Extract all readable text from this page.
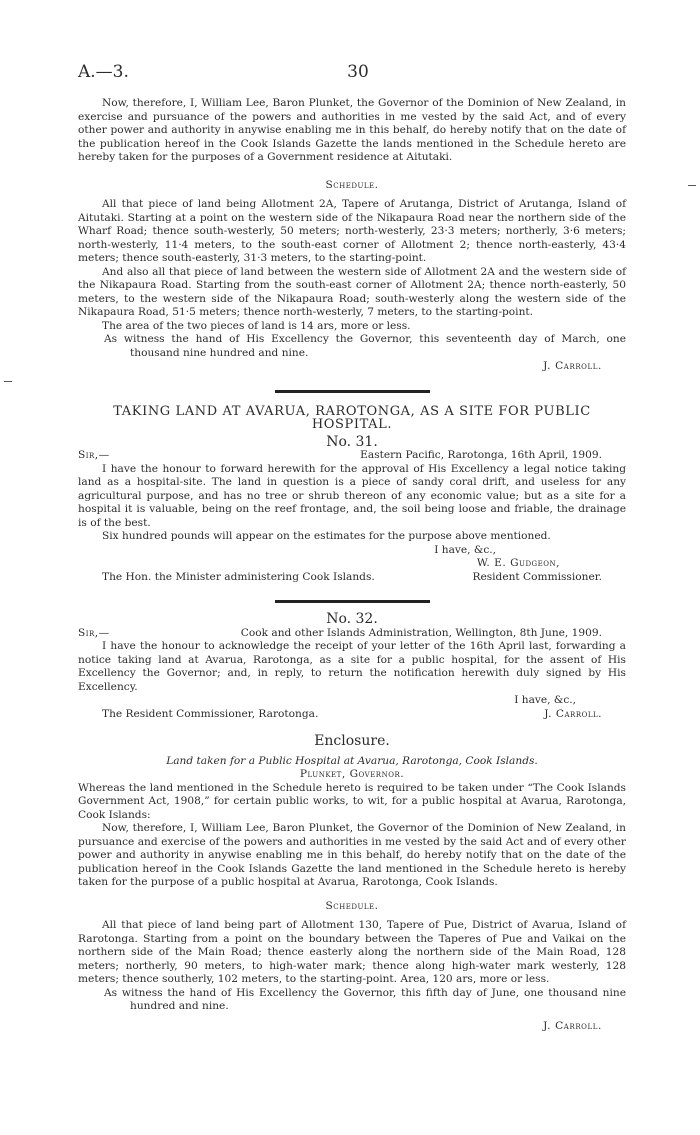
A.—3.	30

Now, therefore, I, William Lee, Baron Plunket, the Governor of the Dominion of New Zealand, in exercise and pursuance of the powers and authorities in me vested by the said Act, and of every other power and authority in anywise enabling me in this behalf, do hereby notify that on the date of the publication hereof in the Cook Islands Gazette the lands mentioned in the Schedule hereto are hereby taken for the purposes of a Government residence at Aitutaki.

Schedule.

All that piece of land being Allotment 2A, Tapere of Arutanga, District of Arutanga, Island of Aitutaki. Starting at a point on the western side of the Nikapaura Road near the northern side of the Wharf Road; thence south-westerly, 50 meters; north-westerly, 23·3 meters; northerly, 3·6 meters; north-westerly, 11·4 meters, to the south-east corner of Allotment 2; thence north-easterly, 43·4 meters; thence south-easterly, 31·3 meters, to the starting-point.

And also all that piece of land between the western side of Allotment 2A and the western side of the Nikapaura Road. Starting from the south-east corner of Allotment 2A; thence north-easterly, 50 meters, to the western side of the Nikapaura Road; south-westerly along the western side of the Nikapaura Road, 51·5 meters; thence north-westerly, 7 meters, to the starting-point.

The area of the two pieces of land is 14 ars, more or less.

As witness the hand of His Excellency the Governor, this seventeenth day of March, one thousand nine hundred and nine.

J. Carroll.

TAKING LAND AT AVARUA, RAROTONGA, AS A SITE FOR PUBLIC HOSPITAL.

No. 31.

Sir,—	Eastern Pacific, Rarotonga, 16th April, 1909.

I have the honour to forward herewith for the approval of His Excellency a legal notice taking land as a hospital-site. The land in question is a piece of sandy coral drift, and useless for any agricultural purpose, and has no tree or shrub thereon of any economic value; but as a site for a hospital it is valuable, being on the reef frontage, and, the soil being loose and friable, the drainage is of the best.

Six hundred pounds will appear on the estimates for the purpose above mentioned.

I have, &c.,

W. E. Gudgeon,

The Hon. the Minister administering Cook Islands.	Resident Commissioner.

No. 32.

Sir,—	Cook and other Islands Administration, Wellington, 8th June, 1909.

I have the honour to acknowledge the receipt of your letter of the 16th April last, forwarding a notice taking land at Avarua, Rarotonga, as a site for a public hospital, for the assent of His Excellency the Governor; and, in reply, to return the notification herewith duly signed by His Excellency.

I have, &c.,

The Resident Commissioner, Rarotonga.	J. Carroll.

Enclosure.

Land taken for a Public Hospital at Avarua, Rarotonga, Cook Islands.

Plunket, Governor.

Whereas the land mentioned in the Schedule hereto is required to be taken under “The Cook Islands Government Act, 1908,” for certain public works, to wit, for a public hospital at Avarua, Rarotonga, Cook Islands:

Now, therefore, I, William Lee, Baron Plunket, the Governor of the Dominion of New Zealand, in pursuance and exercise of the powers and authorities in me vested by the said Act and of every other power and authority in anywise enabling me in this behalf, do hereby notify that on the date of the publication hereof in the Cook Islands Gazette the land mentioned in the Schedule hereto is hereby taken for the purpose of a public hospital at Avarua, Rarotonga, Cook Islands.

Schedule.

All that piece of land being part of Allotment 130, Tapere of Pue, District of Avarua, Island of Rarotonga. Starting from a point on the boundary between the Taperes of Pue and Vaikai on the northern side of the Main Road; thence easterly along the northern side of the Main Road, 128 meters; northerly, 90 meters, to high-water mark; thence along high-water mark westerly, 128 meters; thence southerly, 102 meters, to the starting-point. Area, 120 ars, more or less.

As witness the hand of His Excellency the Governor, this fifth day of June, one thousand nine hundred and nine.

J. Carroll.
